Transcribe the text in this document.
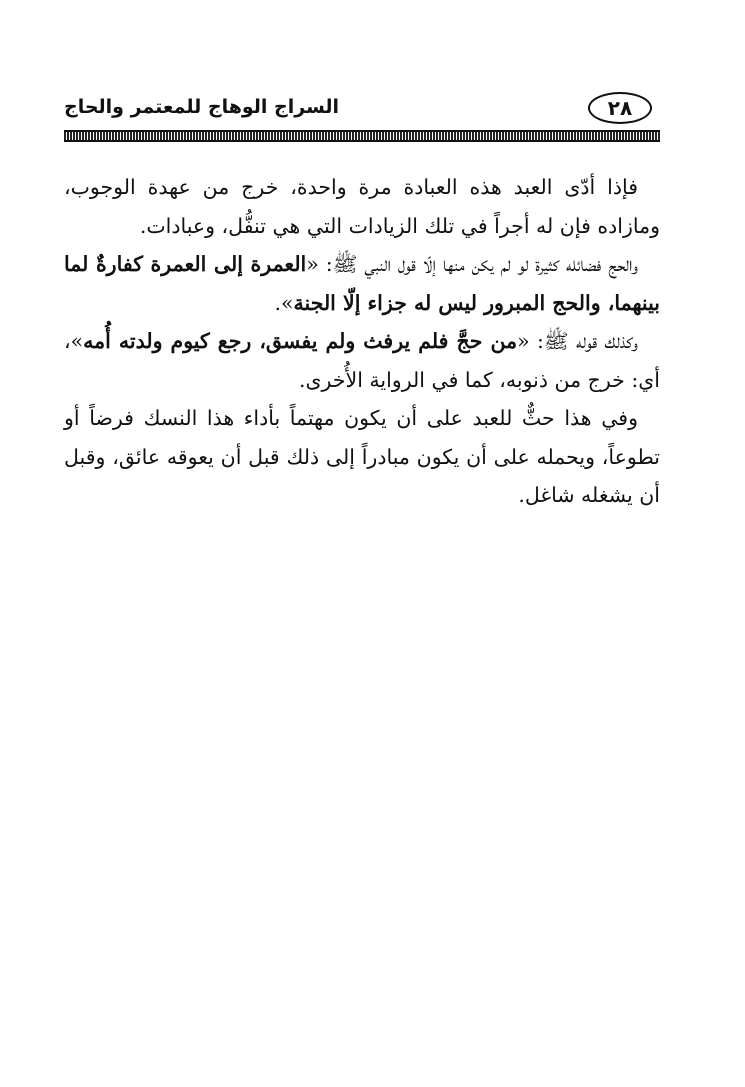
السراج الوهاج للمعتمر والحاج	٢٨

فإذا أدّى العبد هذه العبادة مرة واحدة، خرج من عهدة الوجوب، ومازاده فإن له أجراً في تلك الزيادات التي هي تنفُّل، وعبادات.

والحج فضائله كثيرة لو لم يكن منها إلّا قول النبي ﷺ: «العمرة إلى العمرة كفارةٌ لما بينهما، والحج المبرور ليس له جزاء إلّا الجنة».

وكذلك قوله ﷺ: «من حجَّ فلم يرفث ولم يفسق، رجع كيوم ولدته أُمه»، أي: خرج من ذنوبه، كما في الرواية الأُخرى.

وفي هذا حثٌّ للعبد على أن يكون مهتماً بأداء هذا النسك فرضاً أو تطوعاً، ويحمله على أن يكون مبادراً إلى ذلك قبل أن يعوقه عائق، وقبل أن يشغله شاغل.
